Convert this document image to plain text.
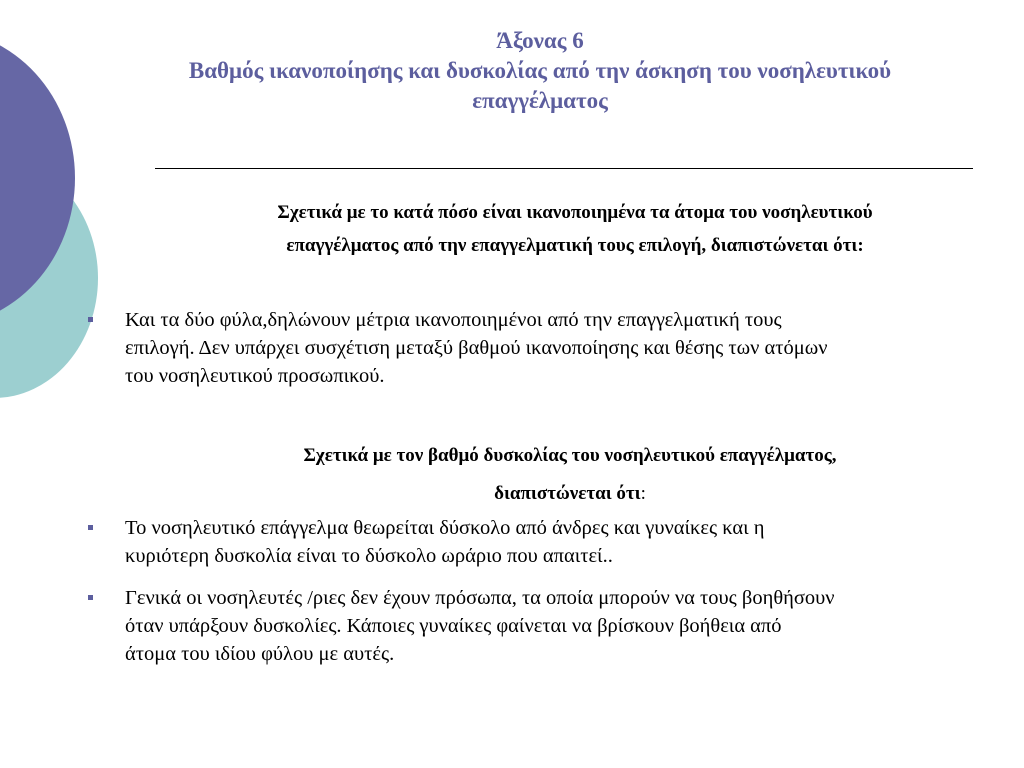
Άξονας 6
Βαθμός ικανοποίησης και δυσκολίας από την άσκηση του νοσηλευτικού
επαγγέλματος
Σχετικά με το κατά πόσο είναι ικανοποιημένα τα άτομα του νοσηλευτικού
επαγγέλματος από την επαγγελματική τους επιλογή, διαπιστώνεται ότι:
Και τα δύο φύλα,δηλώνουν μέτρια ικανοποιημένοι από την επαγγελματική τους
επιλογή. Δεν υπάρχει συσχέτιση μεταξύ βαθμού ικανοποίησης και θέσης των ατόμων
του νοσηλευτικού προσωπικού.
Σχετικά με τον βαθμό δυσκολίας του νοσηλευτικού επαγγέλματος,
διαπιστώνεται ότι:
Το νοσηλευτικό επάγγελμα θεωρείται δύσκολο από άνδρες και γυναίκες και η
κυριότερη δυσκολία είναι το δύσκολο ωράριο που απαιτεί..
Γενικά οι νοσηλευτές /ριες δεν έχουν πρόσωπα, τα οποία μπορούν να τους βοηθήσουν
όταν υπάρξουν δυσκολίες. Κάποιες γυναίκες φαίνεται να βρίσκουν βοήθεια από
άτομα του ιδίου φύλου με αυτές.
